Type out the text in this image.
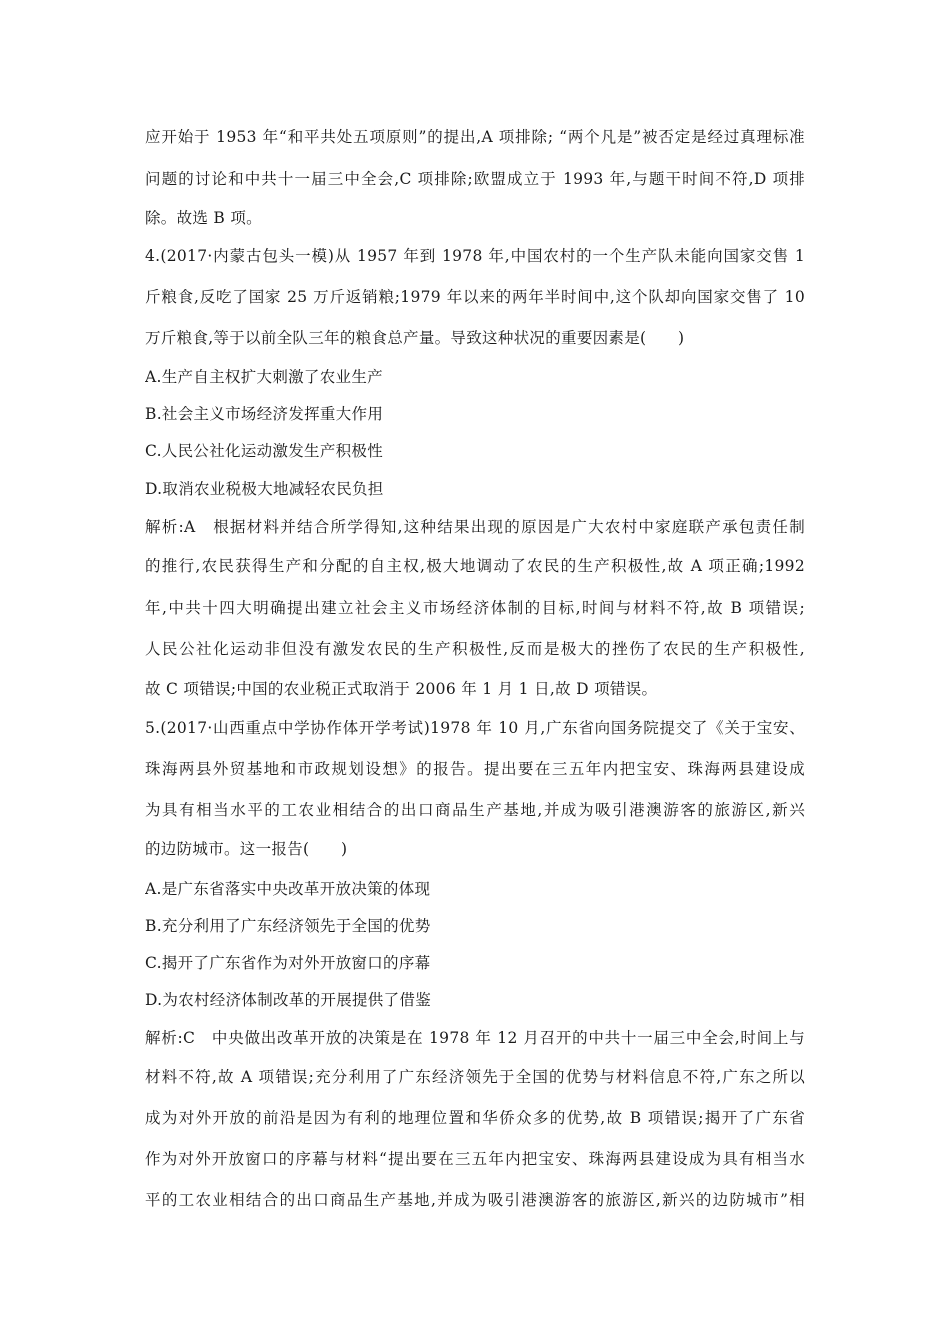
应开始于 1953 年“和平共处五项原则”的提出,A 项排除; “两个凡是”被否定是经过真理标准
问题的讨论和中共十一届三中全会,C 项排除;欧盟成立于 1993 年,与题干时间不符,D 项排
除。故选 B 项。
4.(2017·内蒙古包头一模)从 1957 年到 1978 年,中国农村的一个生产队未能向国家交售 1
斤粮食,反吃了国家 25 万斤返销粮;1979 年以来的两年半时间中,这个队却向国家交售了 10
万斤粮食,等于以前全队三年的粮食总产量。导致这种状况的重要因素是(　　)
A.生产自主权扩大刺激了农业生产
B.社会主义市场经济发挥重大作用
C.人民公社化运动激发生产积极性
D.取消农业税极大地减轻农民负担
解析:A　根据材料并结合所学得知,这种结果出现的原因是广大农村中家庭联产承包责任制
的推行,农民获得生产和分配的自主权,极大地调动了农民的生产积极性,故 A 项正确;1992
年,中共十四大明确提出建立社会主义市场经济体制的目标,时间与材料不符,故 B 项错误;
人民公社化运动非但没有激发农民的生产积极性,反而是极大的挫伤了农民的生产积极性,
故 C 项错误;中国的农业税正式取消于 2006 年 1 月 1 日,故 D 项错误。
5.(2017·山西重点中学协作体开学考试)1978 年 10 月,广东省向国务院提交了《关于宝安、
珠海两县外贸基地和市政规划设想》的报告。提出要在三五年内把宝安、珠海两县建设成
为具有相当水平的工农业相结合的出口商品生产基地,并成为吸引港澳游客的旅游区,新兴
的边防城市。这一报告(　　)
A.是广东省落实中央改革开放决策的体现
B.充分利用了广东经济领先于全国的优势
C.揭开了广东省作为对外开放窗口的序幕
D.为农村经济体制改革的开展提供了借鉴
解析:C　中央做出改革开放的决策是在 1978 年 12 月召开的中共十一届三中全会,时间上与
材料不符,故 A 项错误;充分利用了广东经济领先于全国的优势与材料信息不符,广东之所以
成为对外开放的前沿是因为有利的地理位置和华侨众多的优势,故 B 项错误;揭开了广东省
作为对外开放窗口的序幕与材料“提出要在三五年内把宝安、珠海两县建设成为具有相当水
平的工农业相结合的出口商品生产基地,并成为吸引港澳游客的旅游区,新兴的边防城市”相
